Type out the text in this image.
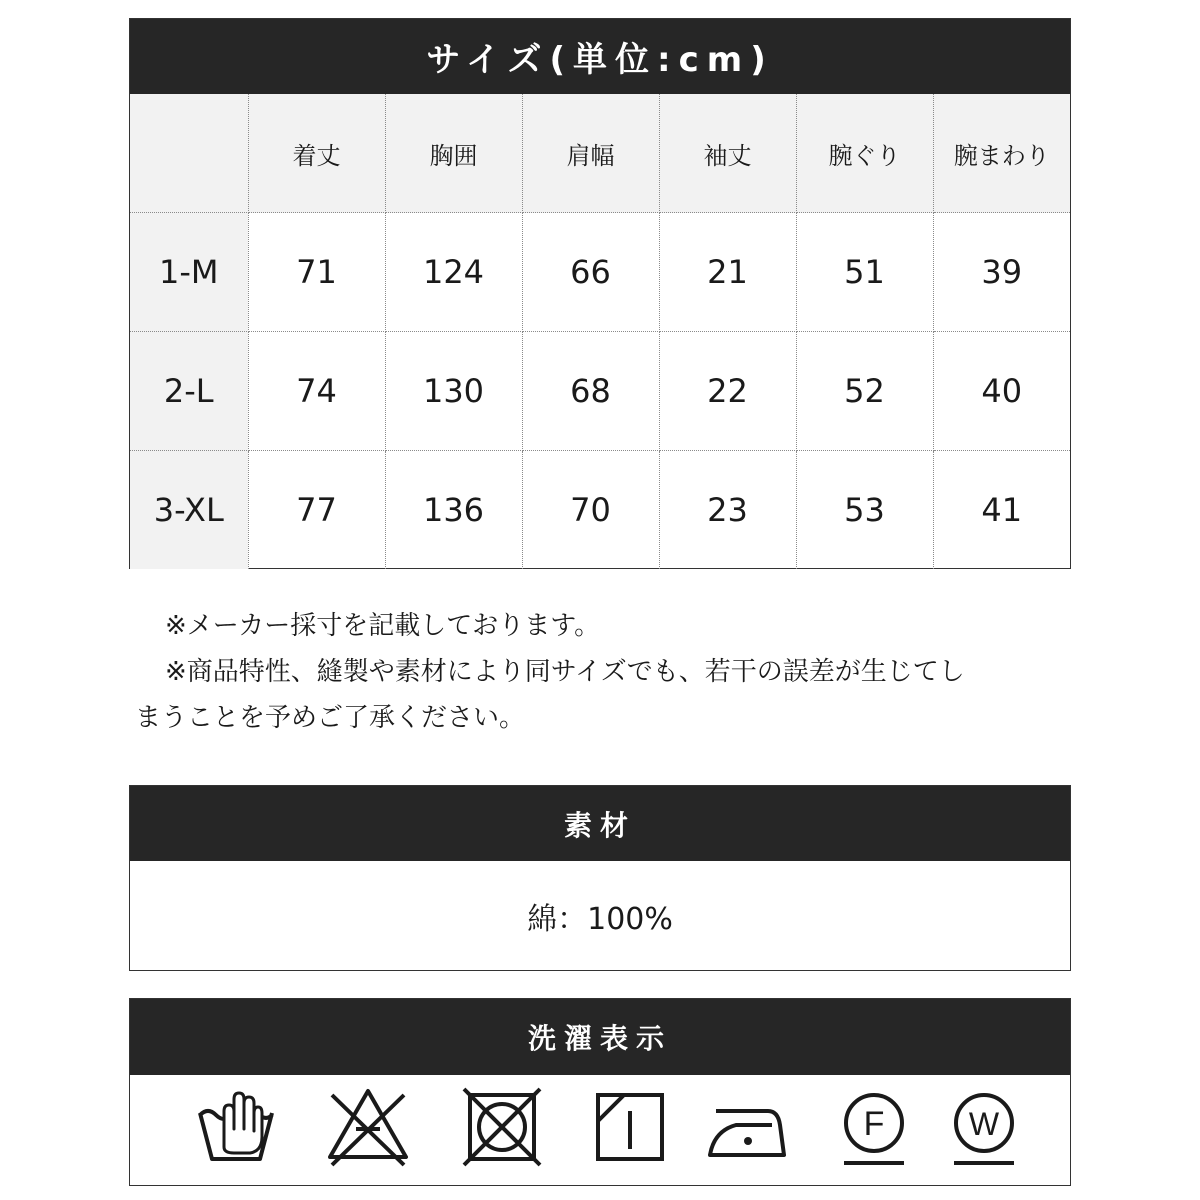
サイズ(単位:cm)
	着丈	胸囲	肩幅	袖丈	腕ぐり	腕まわり
1-M	71	124	66	21	51	39
2-L	74	130	68	22	52	40
3-XL	77	136	70	23	53	41

※メーカー採寸を記載しております。

※商品特性、縫製や素材により同サイズでも、若干の誤差が生じてし

まうことを予めご了承ください。

素材
綿：100%
洗濯表示
F	W
